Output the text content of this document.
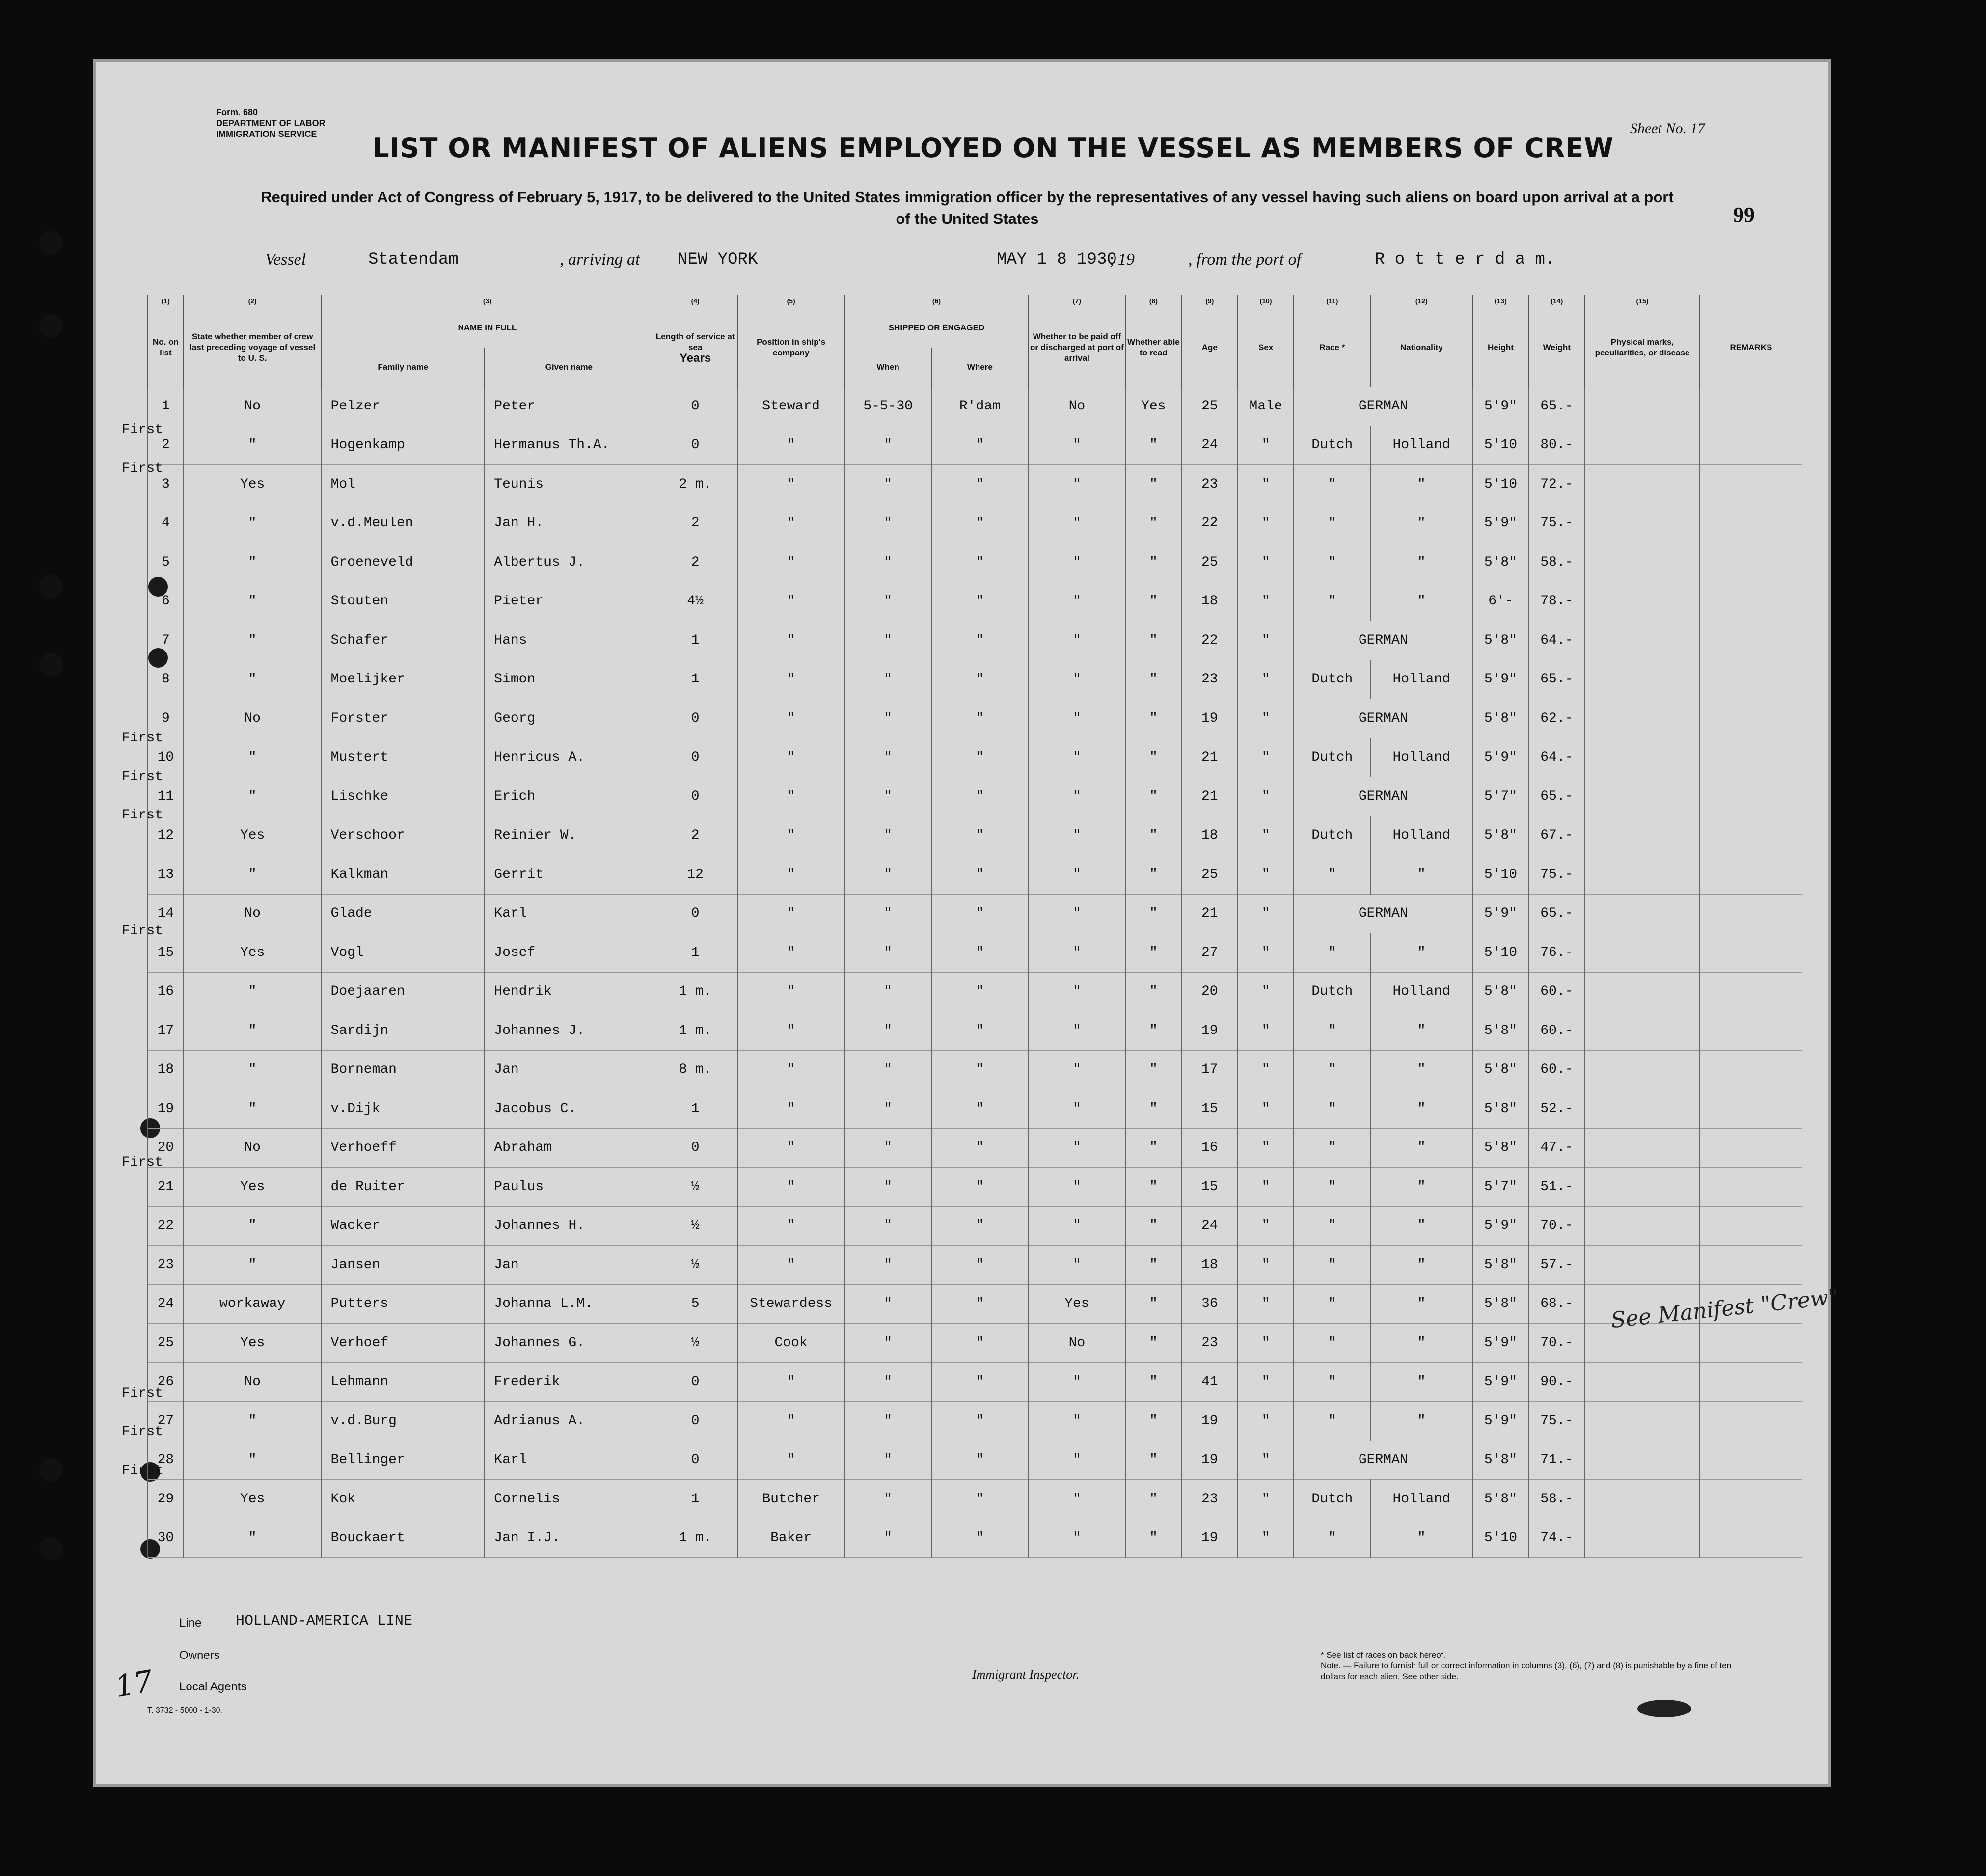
Form. 680
DEPARTMENT OF LABOR
IMMIGRATION SERVICE	Sheet No. 17
LIST OR MANIFEST OF ALIENS EMPLOYED ON THE VESSEL AS MEMBERS OF CREW
Required under Act of Congress of February 5, 1917, to be delivered to the United States immigration officer by the representatives of any vessel having such aliens on board upon arrival at a port
of the United States	99
Vessel	Statendam	, arriving at NEW YORK	MAY 1 8 1930
, 19	, from the port of	R o t t e r d a m.
(1)	(2)	(3)		(4)	(5)	(6)		(7)	(8)	(9)	(10)	(11)	(12)	(13)	(14)	(15)	
No. on list	State whether member of crew last preceding voyage of vessel to U. S.	NAME IN FULL		Length of service at sea
Years	Position in ship's company	SHIPPED OR ENGAGED		Whether to be paid off or discharged at port of arrival	Whether able to read	Age	Sex	Race *	Nationality	Height	Weight	Physical marks, peculiarities, or disease	REMARKS
		Family name	Given name			When	Where										
1	No	Pelzer	Peter	0	Steward	5-5-30	R'dam	No	Yes	25	Male	GERMAN		5'9"	65.-		
2	"	Hogenkamp	Hermanus Th.A.	0	"	"	"	"	"	24	"	Dutch	Holland	5'10	80.-		
3	Yes	Mol	Teunis	2 m.	"	"	"	"	"	23	"	"	"	5'10	72.-		
4	"	v.d.Meulen	Jan H.	2	"	"	"	"	"	22	"	"	"	5'9"	75.-		
5	"	Groeneveld	Albertus J.	2	"	"	"	"	"	25	"	"	"	5'8"	58.-		
6	"	Stouten	Pieter	4½	"	"	"	"	"	18	"	"	"	6'-	78.-		
7	"	Schafer	Hans	1	"	"	"	"	"	22	"	GERMAN		5'8"	64.-		
8	"	Moelijker	Simon	1	"	"	"	"	"	23	"	Dutch	Holland	5'9"	65.-		
9	No	Forster	Georg	0	"	"	"	"	"	19	"	GERMAN		5'8"	62.-		
10	"	Mustert	Henricus A.	0	"	"	"	"	"	21	"	Dutch	Holland	5'9"	64.-		
11	"	Lischke	Erich	0	"	"	"	"	"	21	"	GERMAN		5'7"	65.-		
12	Yes	Verschoor	Reinier W.	2	"	"	"	"	"	18	"	Dutch	Holland	5'8"	67.-		
13	"	Kalkman	Gerrit	12	"	"	"	"	"	25	"	"	"	5'10	75.-		
14	No	Glade	Karl	0	"	"	"	"	"	21	"	GERMAN		5'9"	65.-		
15	Yes	Vogl	Josef	1	"	"	"	"	"	27	"	"	"	5'10	76.-		
16	"	Doejaaren	Hendrik	1 m.	"	"	"	"	"	20	"	Dutch	Holland	5'8"	60.-		
17	"	Sardijn	Johannes J.	1 m.	"	"	"	"	"	19	"	"	"	5'8"	60.-		
18	"	Borneman	Jan	8 m.	"	"	"	"	"	17	"	"	"	5'8"	60.-		
19	"	v.Dijk	Jacobus C.	1	"	"	"	"	"	15	"	"	"	5'8"	52.-		
20	No	Verhoeff	Abraham	0	"	"	"	"	"	16	"	"	"	5'8"	47.-		
21	Yes	de Ruiter	Paulus	½	"	"	"	"	"	15	"	"	"	5'7"	51.-		
22	"	Wacker	Johannes H.	½	"	"	"	"	"	24	"	"	"	5'9"	70.-		
23	"	Jansen	Jan	½	"	"	"	"	"	18	"	"	"	5'8"	57.-		
24	workaway	Putters	Johanna L.M.	5	Stewardess	"	"	Yes	"	36	"	"	"	5'8"	68.-		
25	Yes	Verhoef	Johannes G.	½	Cook	"	"	No	"	23	"	"	"	5'9"	70.-		
26	No	Lehmann	Frederik	0	"	"	"	"	"	41	"	"	"	5'9"	90.-		
27	"	v.d.Burg	Adrianus A.	0	"	"	"	"	"	19	"	"	"	5'9"	75.-		
28	"	Bellinger	Karl	0	"	"	"	"	"	19	"	GERMAN		5'8"	71.-		
29	Yes	Kok	Cornelis	1	Butcher	"	"	"	"	23	"	Dutch	Holland	5'8"	58.-		
30	"	Bouckaert	Jan I.J.	1 m.	Baker	"	"	"	"	19	"	"	"	5'10	74.-		
First
First
First
First
First
First
First
First
First
First
See Manifest "Crew"
Line HOLLAND-AMERICA LINE
Owners
Local Agents
Immigrant Inspector.
* See list of races on back hereof.
Note. — Failure to furnish full or correct information in columns (3), (6), (7) and (8) is punishable by a fine of ten dollars for each alien. See other side.
T. 3732 - 5000 - 1-30.
17
